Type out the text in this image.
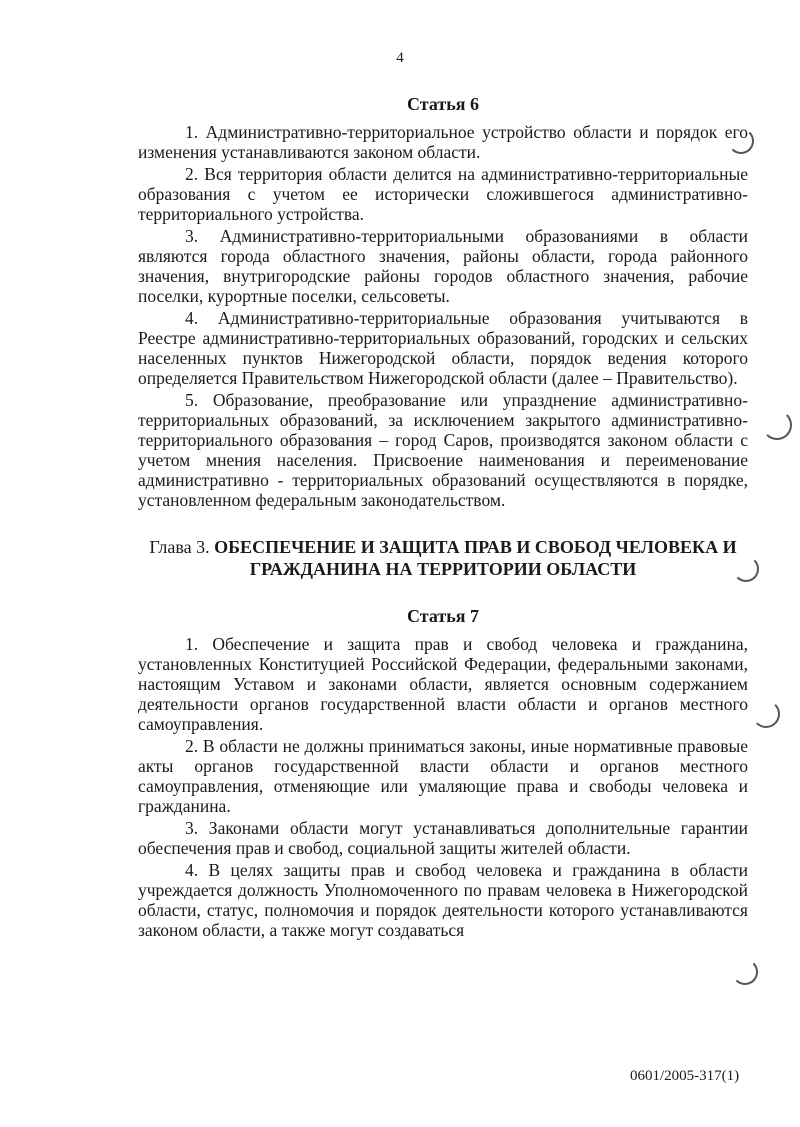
4
Статья 6

1. Административно-территориальное устройство области и порядок его изменения устанавливаются законом области.

2. Вся территория области делится на административно-территориальные образования с учетом ее исторически сложившегося административно-территориального устройства.

3. Административно-территориальными образованиями в области являются города областного значения, районы области, города районного значения, внутригородские районы городов областного значения, рабочие поселки, курортные поселки, сельсоветы.

4. Административно-территориальные образования учитываются в Реестре административно-территориальных образований, городских и сельских населенных пунктов Нижегородской области, порядок ведения которого определяется Правительством Нижегородской области (далее – Правительство).

5. Образование, преобразование или упразднение административно-территориальных образований, за исключением закрытого административно-территориального образования – город Саров, производятся законом области с учетом мнения населения. Присвоение наименования и переименование административно - территориальных образований осуществляются в порядке, установленном федеральным законодательством.

Глава 3. ОБЕСПЕЧЕНИЕ И ЗАЩИТА ПРАВ И СВОБОД ЧЕЛОВЕКА И ГРАЖДАНИНА НА ТЕРРИТОРИИ ОБЛАСТИ
Статья 7

1. Обеспечение и защита прав и свобод человека и гражданина, установленных Конституцией Российской Федерации, федеральными законами, настоящим Уставом и законами области, является основным содержанием деятельности органов государственной власти области и органов местного самоуправления.

2. В области не должны приниматься законы, иные нормативные правовые акты органов государственной власти области и органов местного самоуправления, отменяющие или умаляющие права и свободы человека и гражданина.

3. Законами области могут устанавливаться дополнительные гарантии обеспечения прав и свобод, социальной защиты жителей области.

4. В целях защиты прав и свобод человека и гражданина в области учреждается должность Уполномоченного по правам человека в Нижегородской области, статус, полномочия и порядок деятельности которого устанавливаются законом области, а также могут создаваться

0601/2005-317(1)
